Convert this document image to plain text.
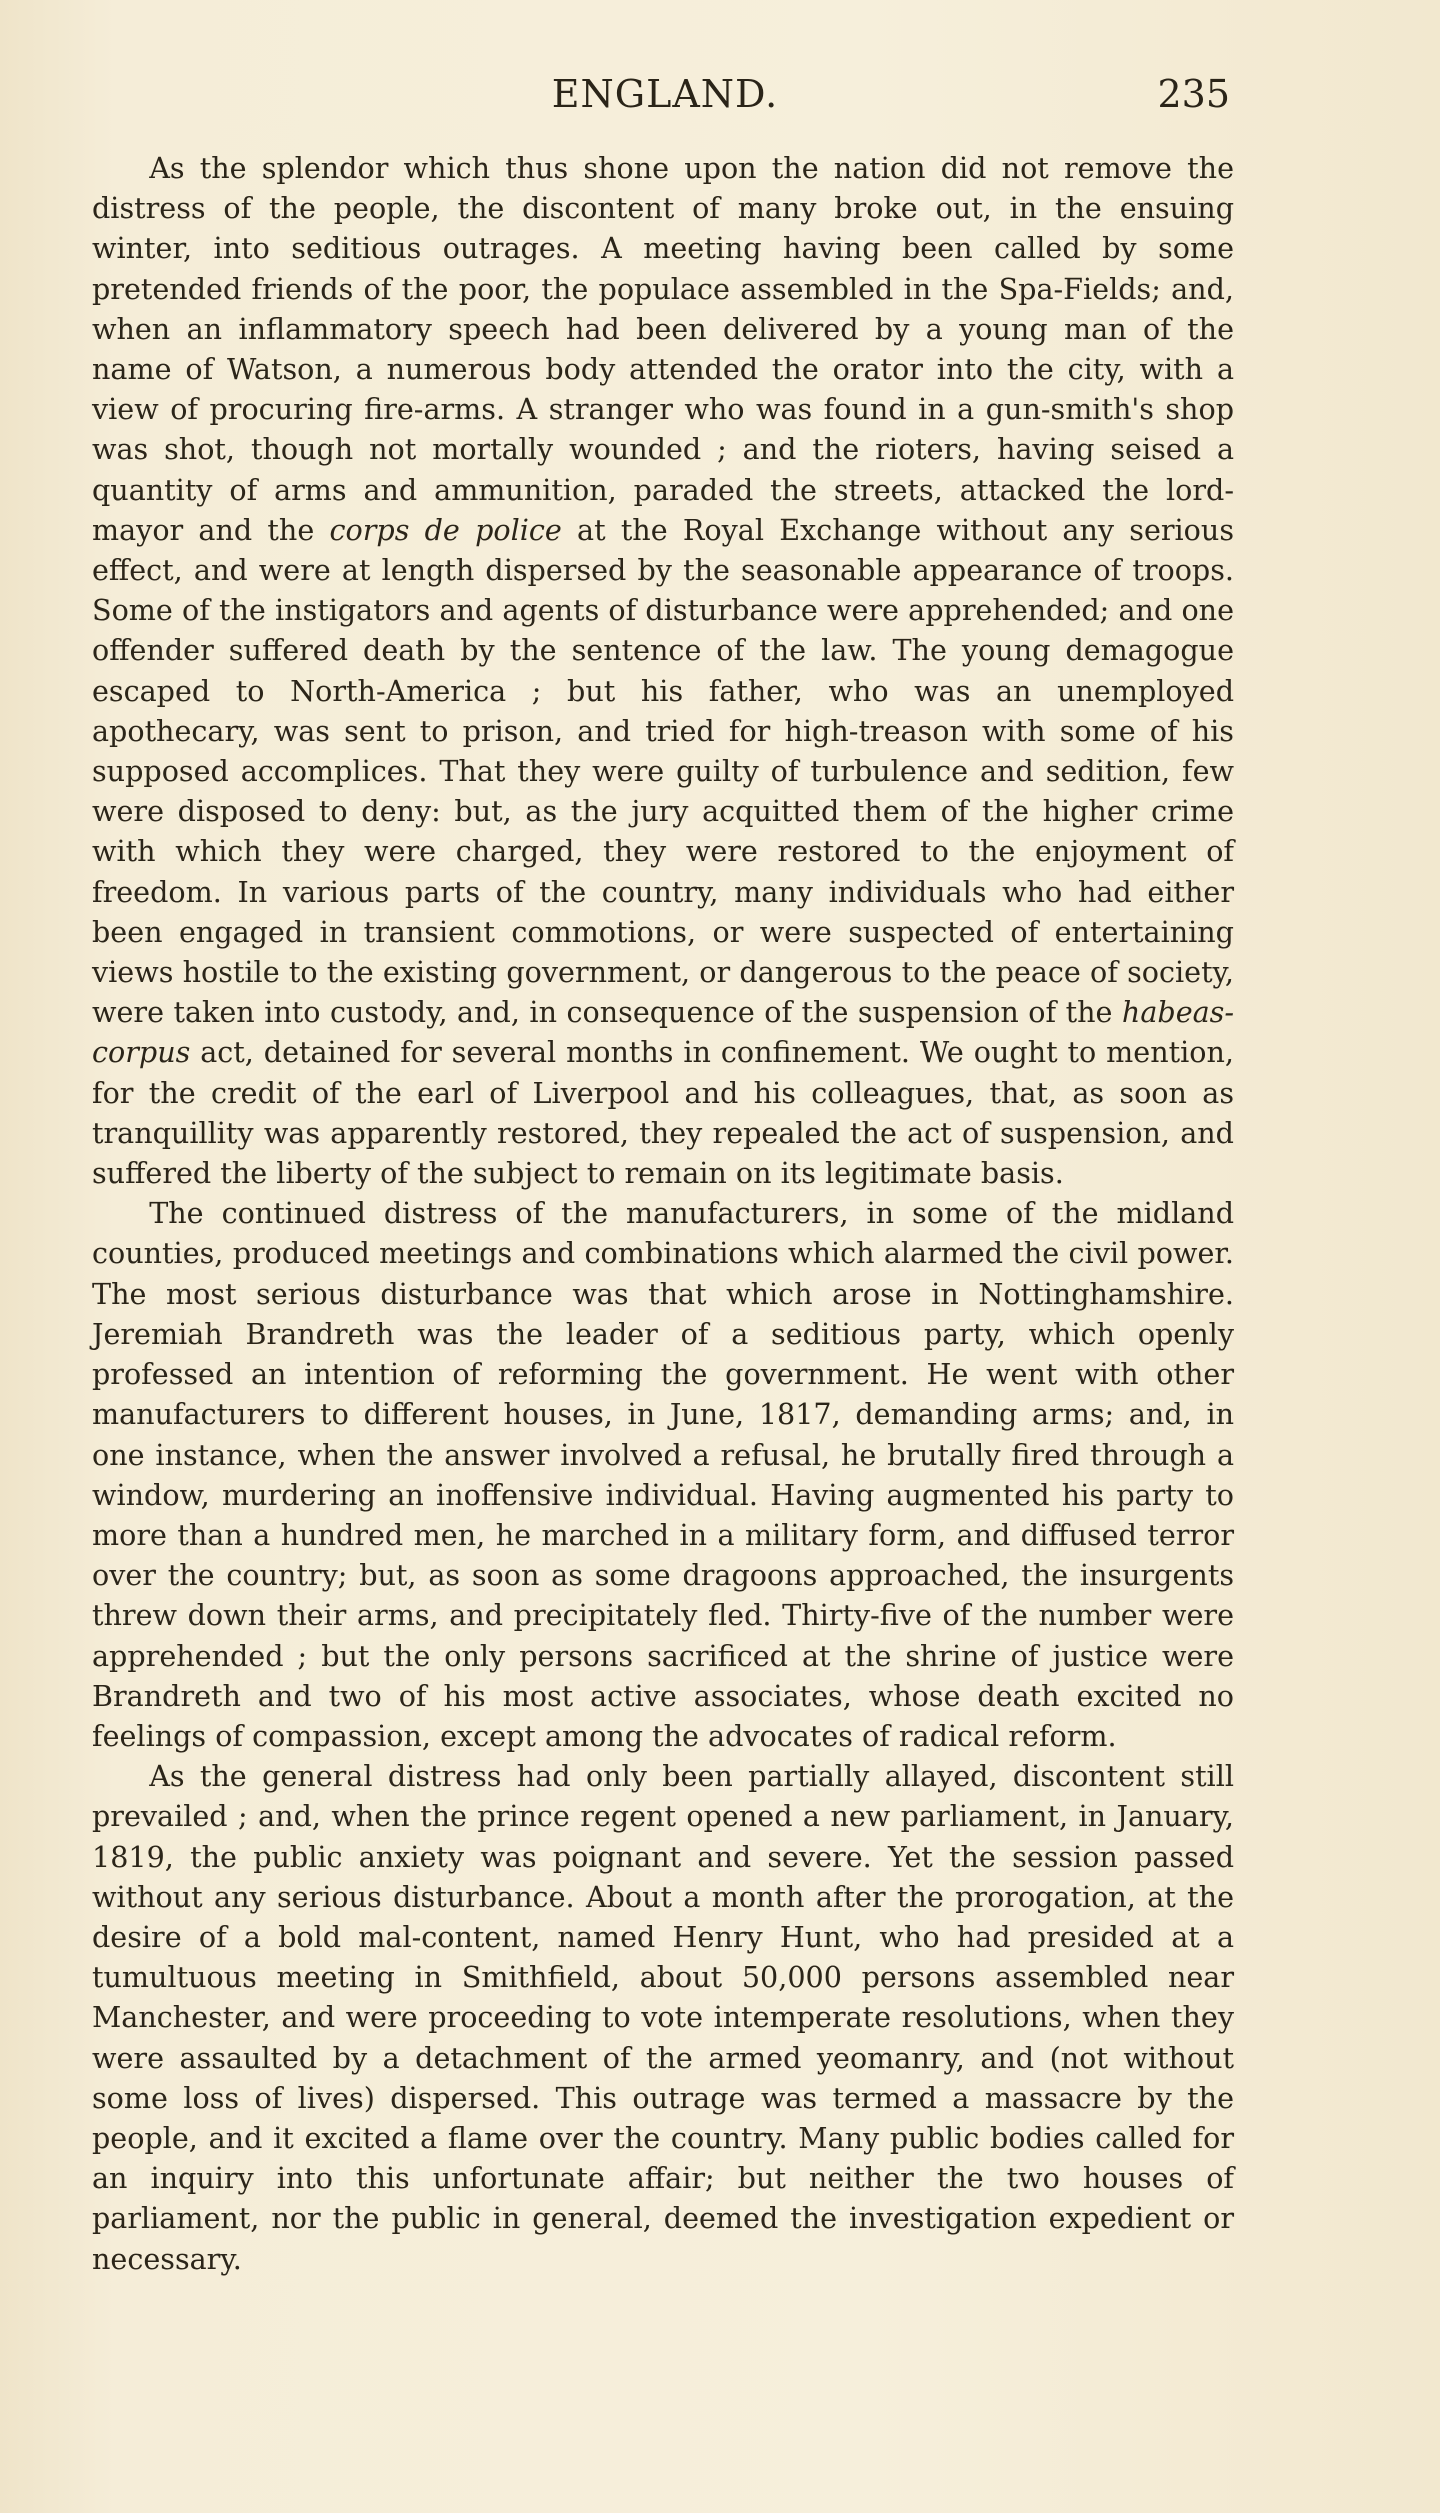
ENGLAND.	235

As the splendor which thus shone upon the nation did not remove the distress of the people, the discontent of many broke out, in the ensuing winter, into seditious outrages. A meeting having been called by some pretended friends of the poor, the populace assembled in the Spa-Fields; and, when an inflammatory speech had been delivered by a young man of the name of Watson, a numerous body attended the orator into the city, with a view of procuring fire-arms. A stranger who was found in a gun-smith's shop was shot, though not mortally wounded ; and the rioters, having seised a quantity of arms and ammunition, paraded the streets, attacked the lord-mayor and the corps de police at the Royal Exchange without any serious effect, and were at length dispersed by the seasonable appearance of troops. Some of the instigators and agents of disturbance were apprehended; and one offender suffered death by the sentence of the law. The young demagogue escaped to North-America ; but his father, who was an unemployed apothecary, was sent to prison, and tried for high-treason with some of his supposed accomplices. That they were guilty of turbulence and sedition, few were disposed to deny: but, as the jury acquitted them of the higher crime with which they were charged, they were restored to the enjoyment of freedom. In various parts of the country, many individuals who had either been engaged in transient commotions, or were suspected of entertaining views hostile to the existing government, or dangerous to the peace of society, were taken into custody, and, in consequence of the suspension of the habeas-corpus act, detained for several months in confinement. We ought to mention, for the credit of the earl of Liverpool and his colleagues, that, as soon as tranquillity was apparently restored, they repealed the act of suspension, and suffered the liberty of the subject to remain on its legitimate basis.

The continued distress of the manufacturers, in some of the midland counties, produced meetings and combinations which alarmed the civil power. The most serious disturbance was that which arose in Nottinghamshire. Jeremiah Brandreth was the leader of a seditious party, which openly professed an intention of reforming the government. He went with other manufacturers to different houses, in June, 1817, demanding arms; and, in one instance, when the answer involved a refusal, he brutally fired through a window, murdering an inoffensive individual. Having augmented his party to more than a hundred men, he marched in a military form, and diffused terror over the country; but, as soon as some dragoons approached, the insurgents threw down their arms, and precipitately fled. Thirty-five of the number were apprehended ; but the only persons sacrificed at the shrine of justice were Brandreth and two of his most active associates, whose death excited no feelings of compassion, except among the advocates of radical reform.

As the general distress had only been partially allayed, discontent still prevailed ; and, when the prince regent opened a new parliament, in January, 1819, the public anxiety was poignant and severe. Yet the session passed without any serious disturbance. About a month after the prorogation, at the desire of a bold mal-content, named Henry Hunt, who had presided at a tumultuous meeting in Smithfield, about 50,000 persons assembled near Manchester, and were proceeding to vote intemperate resolutions, when they were assaulted by a detachment of the armed yeomanry, and (not without some loss of lives) dispersed. This outrage was termed a massacre by the people, and it excited a flame over the country. Many public bodies called for an inquiry into this unfortunate affair; but neither the two houses of parliament, nor the public in general, deemed the investigation expedient or necessary.
